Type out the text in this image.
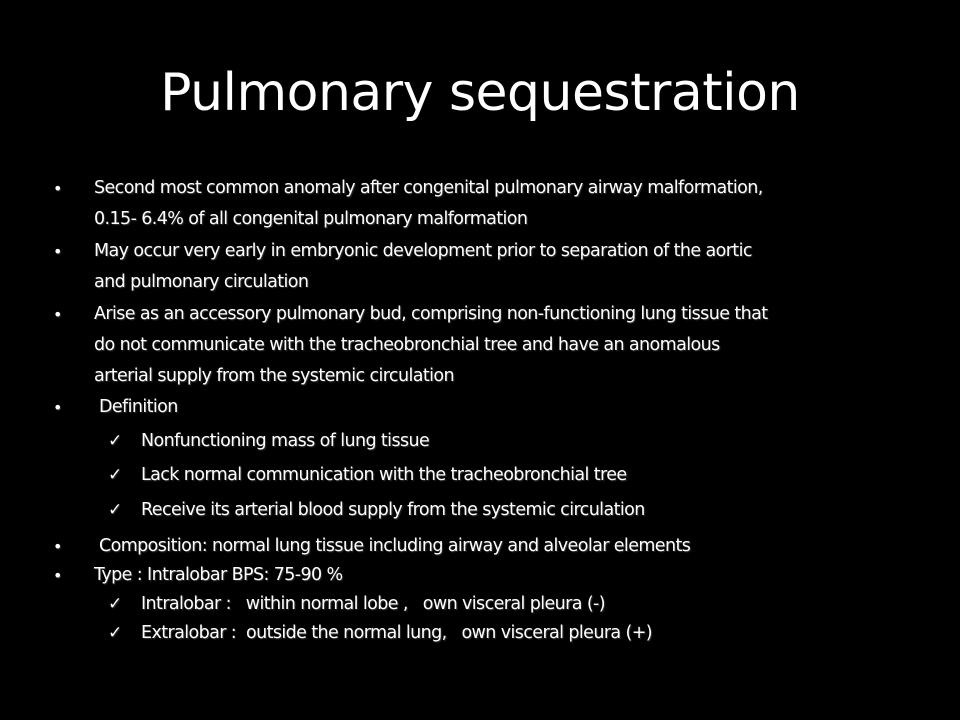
Pulmonary sequestration
•	Second most common anomaly after congenital pulmonary airway malformation,
0.15- 6.4% of all congenital pulmonary malformation
•	May occur very early in embryonic development prior to separation of the aortic
and pulmonary circulation
•	Arise as an accessory pulmonary bud, comprising non-functioning lung tissue that
do not communicate with the tracheobronchial tree and have an anomalous
arterial supply from the systemic circulation
•	Definition
✓	Nonfunctioning mass of lung tissue
✓	Lack normal communication with the tracheobronchial tree
✓	Receive its arterial blood supply from the systemic circulation
•	Composition: normal lung tissue including airway and alveolar elements
•	Type : Intralobar BPS: 75-90 %
✓	Intralobar : within normal lobe ,   own visceral pleura (-)
✓	Extralobar : outside the normal lung,   own visceral pleura (+)
